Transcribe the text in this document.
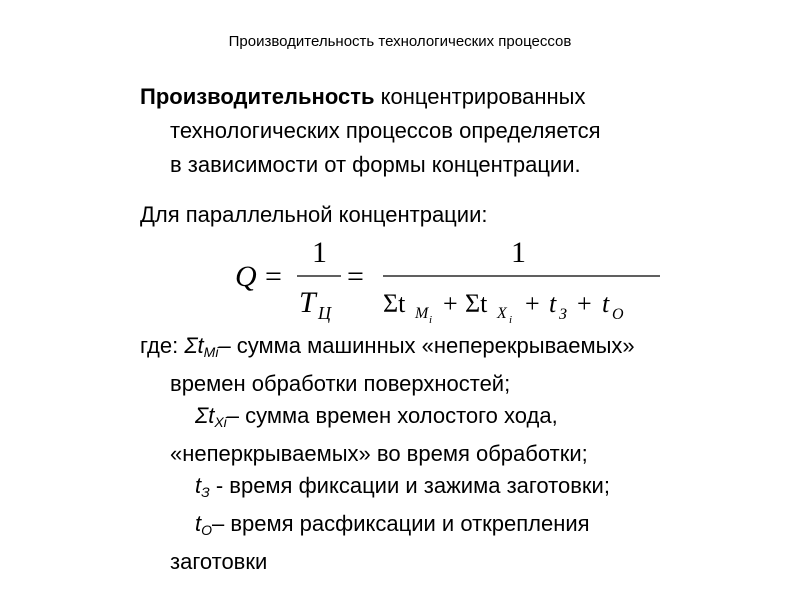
Производительность технологических процессов
Производительность концентрированных
технологических процессов определяется
в зависимости от формы концентрации.
Для параллельной концентрации:
Q =
1
T Ц
=
1
Σt M i
+ Σt X i
+ t З + t О
где: $\Sigma t_{Mi}-$ сумма машинных «неперекрываемых»
времен обработки поверхностей;
$\Sigma t_{Xi}-$ сумма времен холостого хода,
«неперкрываемых» во время обработки;
$t_З$ - время фиксации и зажима заготовки;
$t_О-$ время расфиксации и открепления
заготовки
